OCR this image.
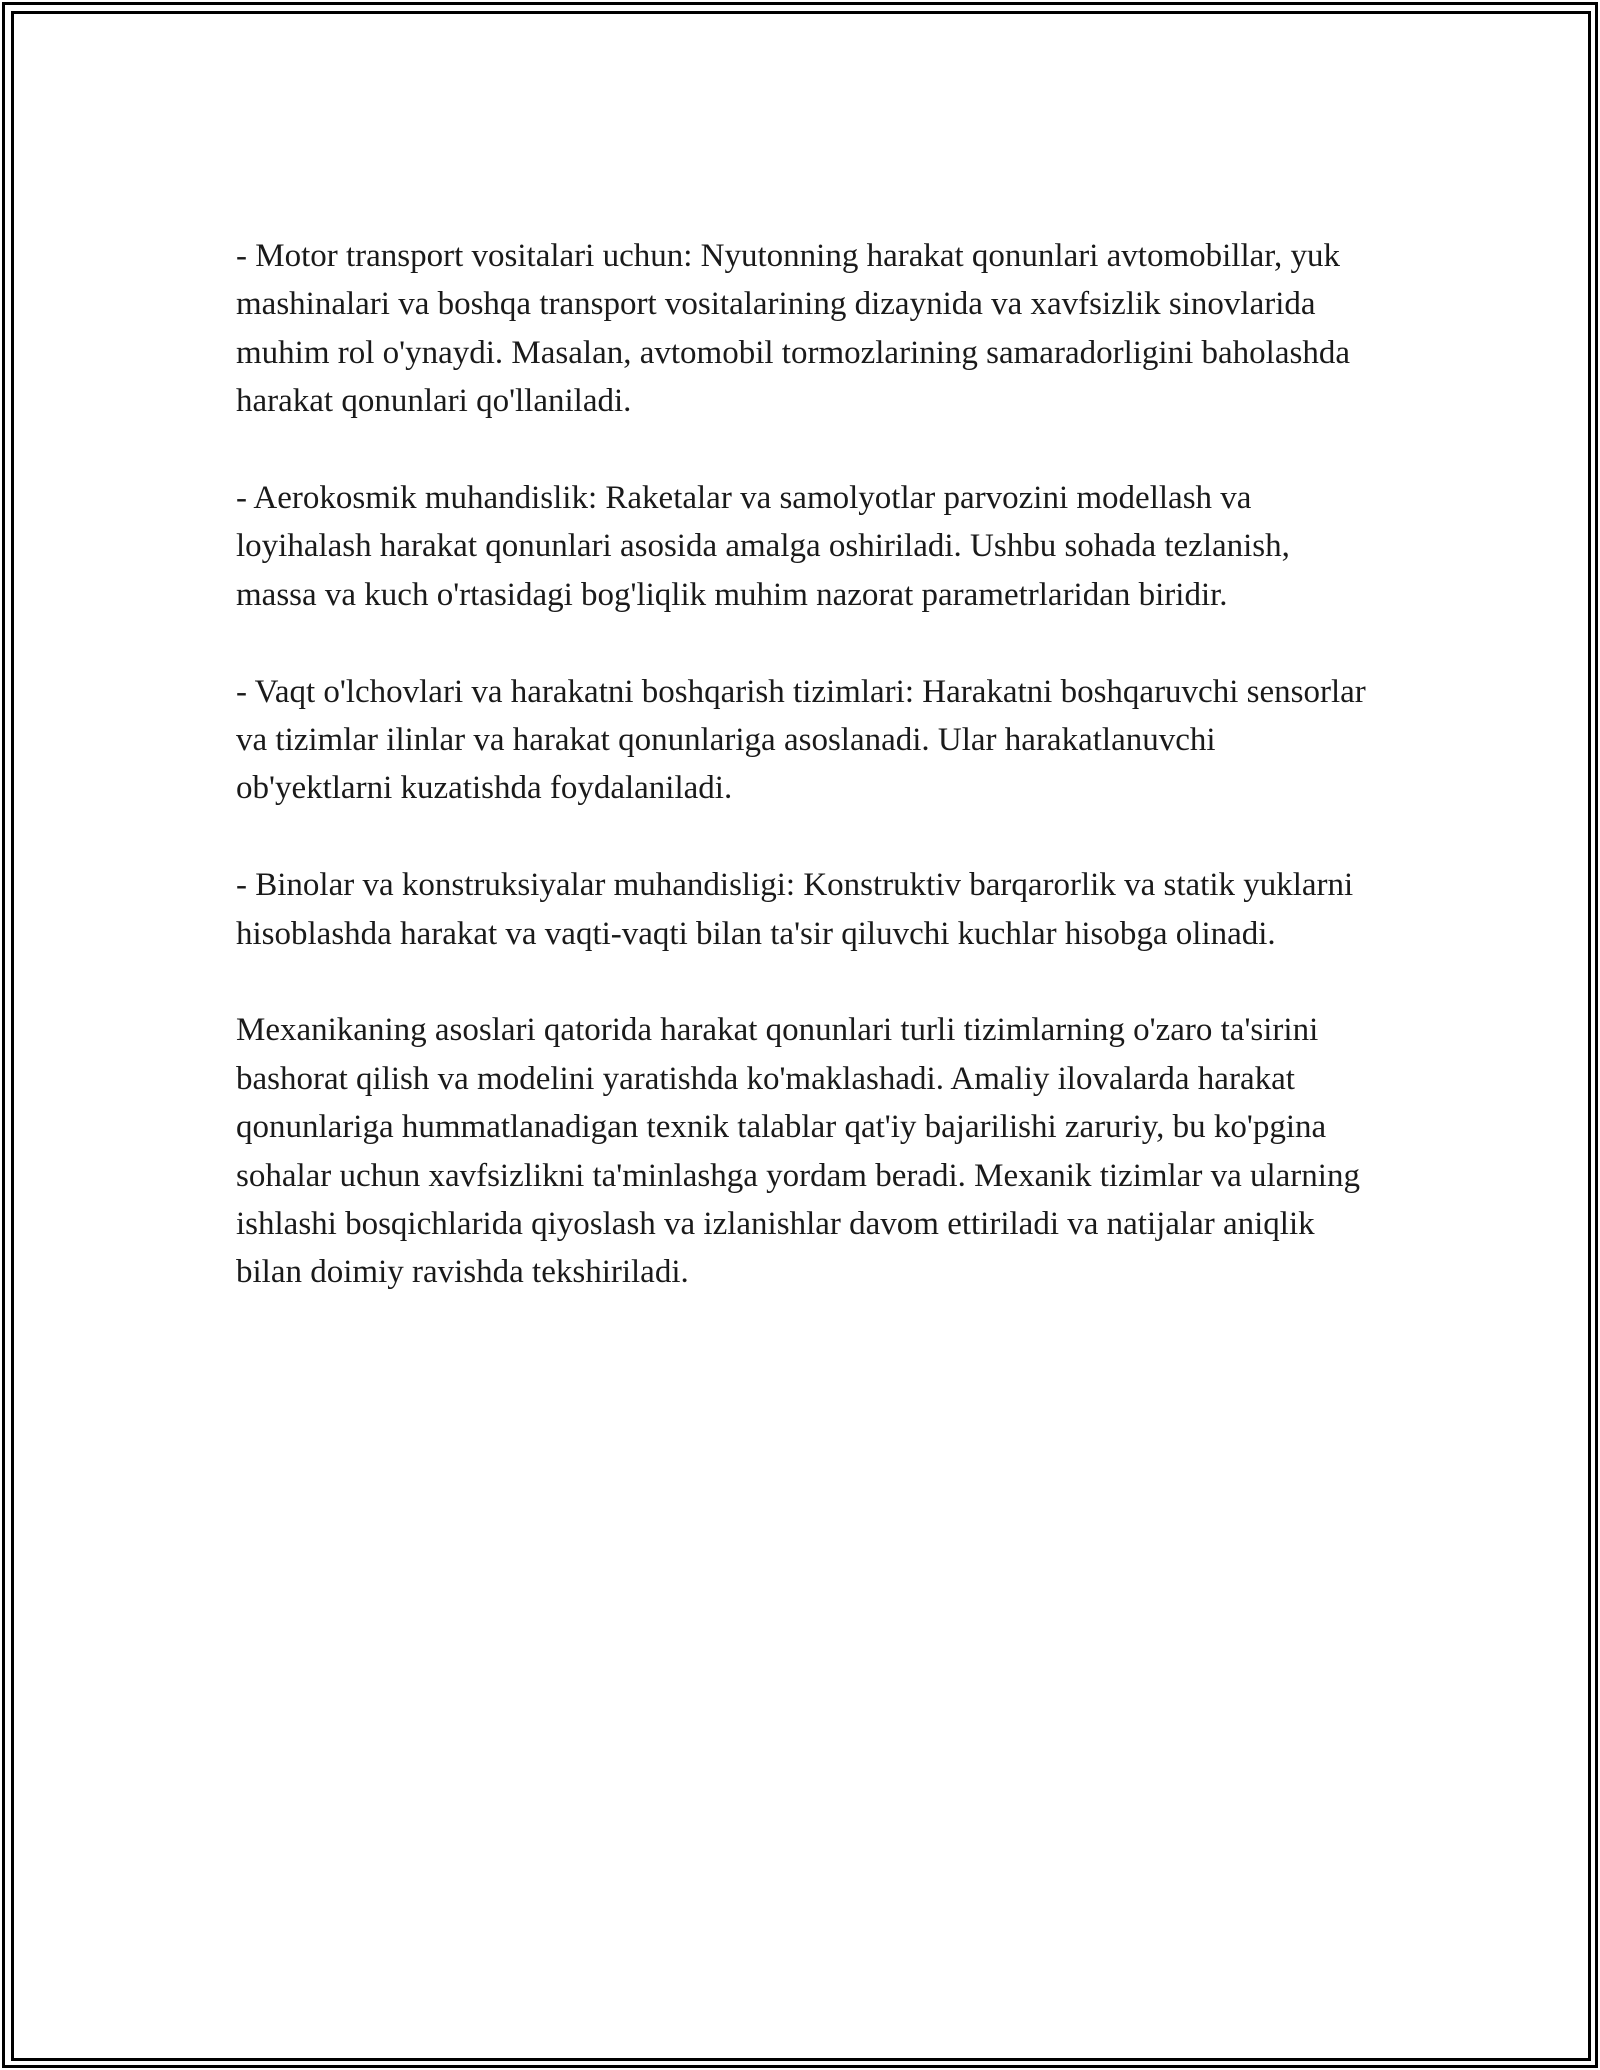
- Motor transport vositalari uchun: Nyutonning harakat qonunlari avtomobillar, yuk mashinalari va boshqa transport vositalarining dizaynida va xavfsizlik sinovlarida muhim rol o'ynaydi. Masalan, avtomobil tormozlarining samaradorligini baholashda harakat qonunlari qo'llaniladi.

- Aerokosmik muhandislik: Raketalar va samolyotlar parvozini modellash va loyihalash harakat qonunlari asosida amalga oshiriladi. Ushbu sohada tezlanish, massa va kuch o'rtasidagi bog'liqlik muhim nazorat parametrlaridan biridir.

- Vaqt o'lchovlari va harakatni boshqarish tizimlari: Harakatni boshqaruvchi sensorlar va tizimlar ilinlar va harakat qonunlariga asoslanadi. Ular harakatlanuvchi ob'yektlarni kuzatishda foydalaniladi.

- Binolar va konstruksiyalar muhandisligi: Konstruktiv barqarorlik va statik yuklarni hisoblashda harakat va vaqti-vaqti bilan ta'sir qiluvchi kuchlar hisobga olinadi.

Mexanikaning asoslari qatorida harakat qonunlari turli tizimlarning o'zaro ta'sirini bashorat qilish va modelini yaratishda ko'maklashadi. Amaliy ilovalarda harakat qonunlariga hummatlanadigan texnik talablar qat'iy bajarilishi zaruriy, bu ko'pgina sohalar uchun xavfsizlikni ta'minlashga yordam beradi. Mexanik tizimlar va ularning ishlashi bosqichlarida qiyoslash va izlanishlar davom ettiriladi va natijalar aniqlik bilan doimiy ravishda tekshiriladi.
